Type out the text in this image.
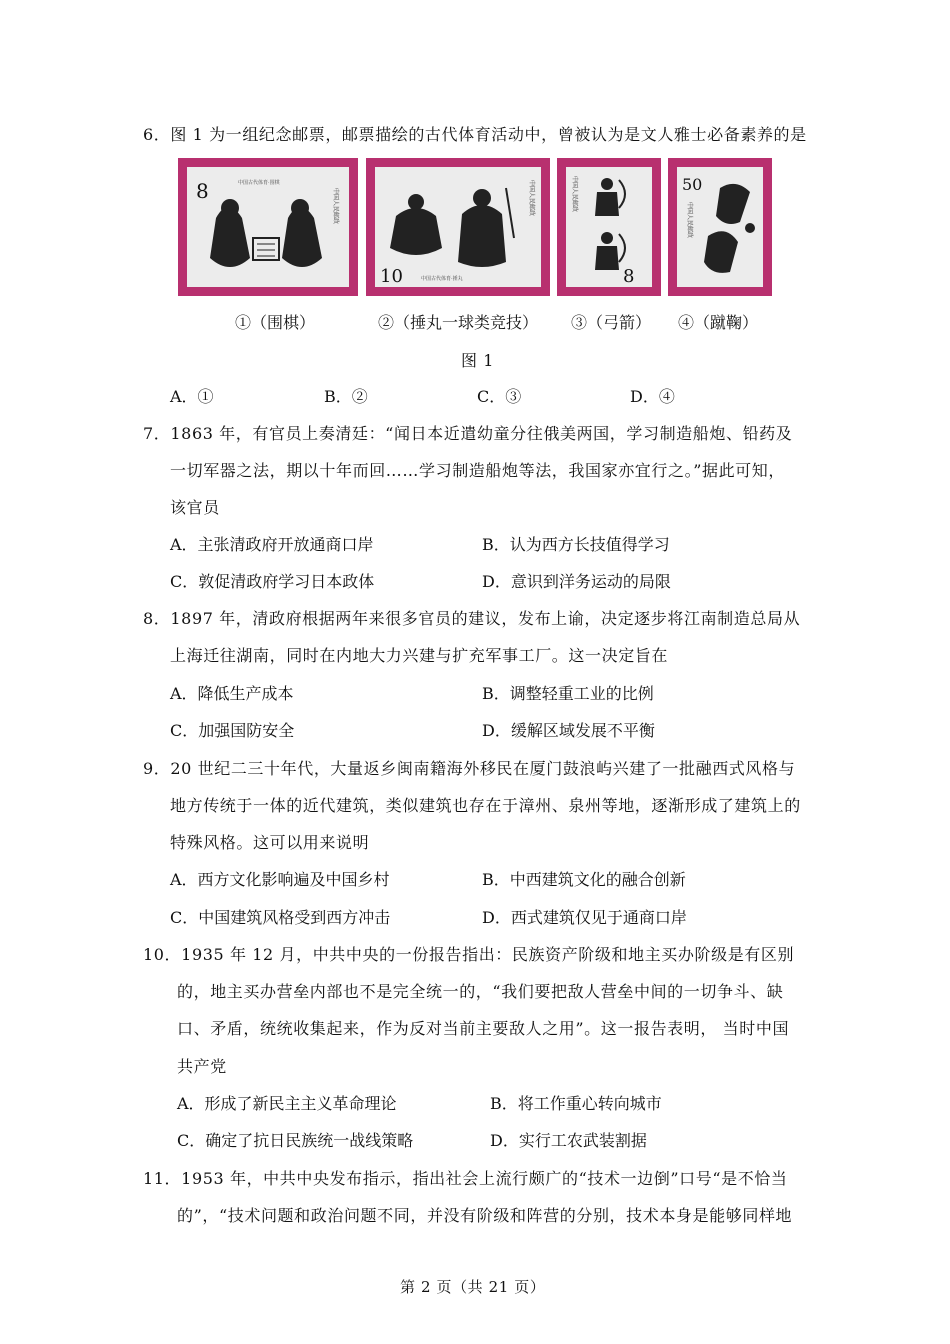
6．图 1 为一组纪念邮票，邮票描绘的古代体育活动中，曾被认为是文人雅士必备素养的是
8	中国古代体育·围棋
中国人民邮政
10	中国古代体育·捶丸
中国人民邮政
8
中国人民邮政	50
中国人民邮政
①（围棋）	②（捶丸一球类竞技） ③（弓箭） ④（蹴鞠）
图 1
A．①	B．②	C．③	D．④
7．1863 年，有官员上奏清廷：“闻日本近遣幼童分往俄美两国，学习制造船炮、铅药及
一切军器之法，期以十年而回……学习制造船炮等法，我国家亦宜行之。”据此可知，
该官员
A．主张清政府开放通商口岸	B．认为西方长技值得学习
C．敦促清政府学习日本政体	D．意识到洋务运动的局限
8．1897 年，清政府根据两年来很多官员的建议，发布上谕，决定逐步将江南制造总局从
上海迁往湖南，同时在内地大力兴建与扩充军事工厂。这一决定旨在
A．降低生产成本	B．调整轻重工业的比例
C．加强国防安全	D．缓解区域发展不平衡
9．20 世纪二三十年代，大量返乡闽南籍海外移民在厦门鼓浪屿兴建了一批融西式风格与
地方传统于一体的近代建筑，类似建筑也存在于漳州、泉州等地，逐渐形成了建筑上的
特殊风格。这可以用来说明
A．西方文化影响遍及中国乡村	B．中西建筑文化的融合创新
C．中国建筑风格受到西方冲击	D．西式建筑仅见于通商口岸
10．1935 年 12 月，中共中央的一份报告指出：民族资产阶级和地主买办阶级是有区别
的，地主买办营垒内部也不是完全统一的，“我们要把敌人营垒中间的一切争斗、缺
口、矛盾，统统收集起来，作为反对当前主要敌人之用”。这一报告表明， 当时中国
共产党
A．形成了新民主主义革命理论	B．将工作重心转向城市
C．确定了抗日民族统一战线策略	D．实行工农武装割据
11．1953 年，中共中央发布指示，指出社会上流行颇广的“技术一边倒”口号“是不恰当
的”，“技术问题和政治问题不同，并没有阶级和阵营的分别，技术本身是能够同样地
第 2 页（共 21 页）
